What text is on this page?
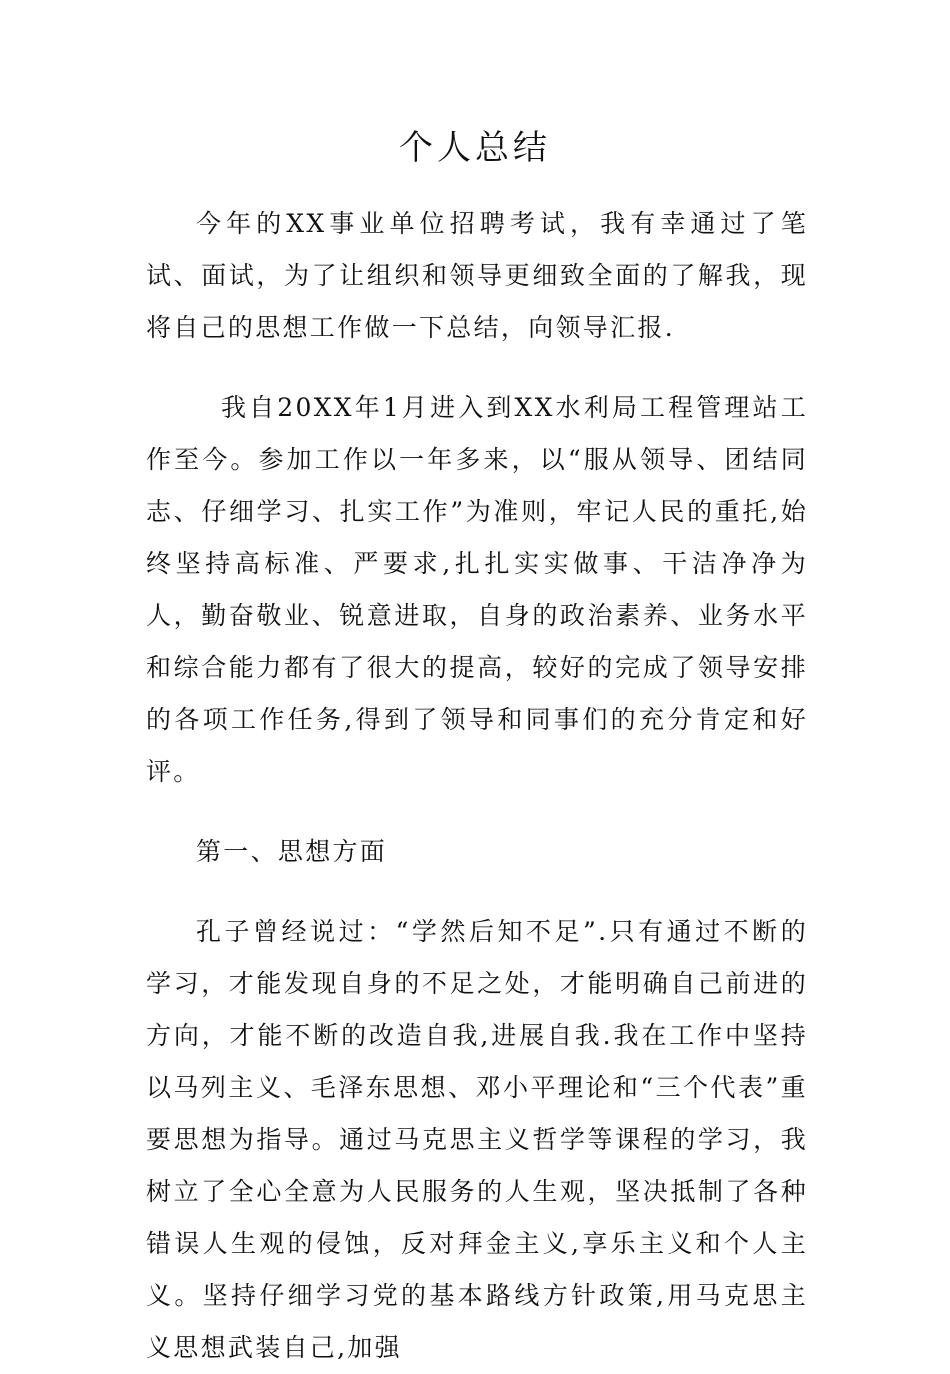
个人总结

今年的XX事业单位招聘考试，我有幸通过了笔试、面试，为了让组织和领导更细致全面的了解我，现将自己的思想工作做一下总结，向领导汇报.

我自20XX年1月进入到XX水利局工程管理站工作至今。参加工作以一年多来，以“服从领导、团结同志、仔细学习、扎实工作”为准则，牢记人民的重托,始终坚持高标准、严要求,扎扎实实做事、干洁净净为人，勤奋敬业、锐意进取，自身的政治素养、业务水平和综合能力都有了很大的提高，较好的完成了领导安排的各项工作任务,得到了领导和同事们的充分肯定和好评。

第一、思想方面

孔子曾经说过：“学然后知不足”.只有通过不断的学习，才能发现自身的不足之处，才能明确自己前进的方向，才能不断的改造自我,进展自我.我在工作中坚持以马列主义、毛泽东思想、邓小平理论和“三个代表”重要思想为指导。通过马克思主义哲学等课程的学习，我树立了全心全意为人民服务的人生观，坚决抵制了各种错误人生观的侵蚀，反对拜金主义,享乐主义和个人主义。坚持仔细学习党的基本路线方针政策,用马克思主义思想武装自己,加强
